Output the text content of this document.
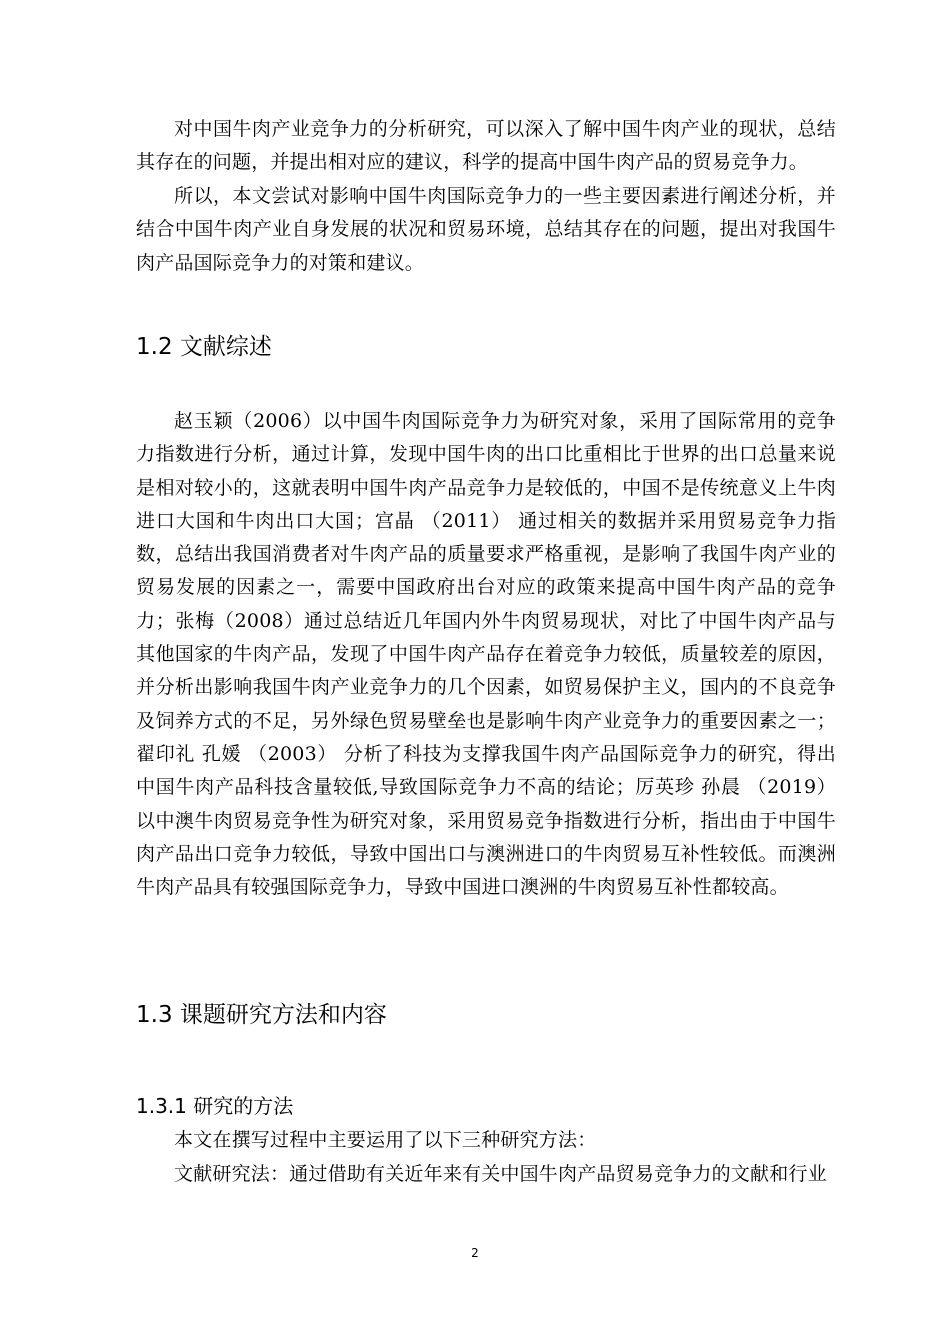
对中国牛肉产业竞争力的分析研究，可以深入了解中国牛肉产业的现状，总结其存在的问题，并提出相对应的建议，科学的提高中国牛肉产品的贸易竞争力。

所以，本文尝试对影响中国牛肉国际竞争力的一些主要因素进行阐述分析，并结合中国牛肉产业自身发展的状况和贸易环境，总结其存在的问题，提出对我国牛肉产品国际竞争力的对策和建议。

1.2 文献综述

赵玉颖（2006）以中国牛肉国际竞争力为研究对象，采用了国际常用的竞争力指数进行分析，通过计算，发现中国牛肉的出口比重相比于世界的出口总量来说是相对较小的，这就表明中国牛肉产品竞争力是较低的，中国不是传统意义上牛肉进口大国和牛肉出口大国；宫晶 （2011） 通过相关的数据并采用贸易竞争力指数，总结出我国消费者对牛肉产品的质量要求严格重视，是影响了我国牛肉产业的贸易发展的因素之一，需要中国政府出台对应的政策来提高中国牛肉产品的竞争力；张梅（2008）通过总结近几年国内外牛肉贸易现状，对比了中国牛肉产品与其他国家的牛肉产品，发现了中国牛肉产品存在着竞争力较低，质量较差的原因，并分析出影响我国牛肉产业竞争力的几个因素，如贸易保护主义，国内的不良竞争及饲养方式的不足，另外绿色贸易壁垒也是影响牛肉产业竞争力的重要因素之一；翟印礼 孔媛 （2003） 分析了科技为支撑我国牛肉产品国际竞争力的研究，得出中国牛肉产品科技含量较低,导致国际竞争力不高的结论；厉英珍 孙晨 （2019） 以中澳牛肉贸易竞争性为研究对象，采用贸易竞争指数进行分析，指出由于中国牛肉产品出口竞争力较低，导致中国出口与澳洲进口的牛肉贸易互补性较低。而澳洲牛肉产品具有较强国际竞争力，导致中国进口澳洲的牛肉贸易互补性都较高。

1.3 课题研究方法和内容
1.3.1 研究的方法

本文在撰写过程中主要运用了以下三种研究方法：

文献研究法：通过借助有关近年来有关中国牛肉产品贸易竞争力的文献和行业

2
